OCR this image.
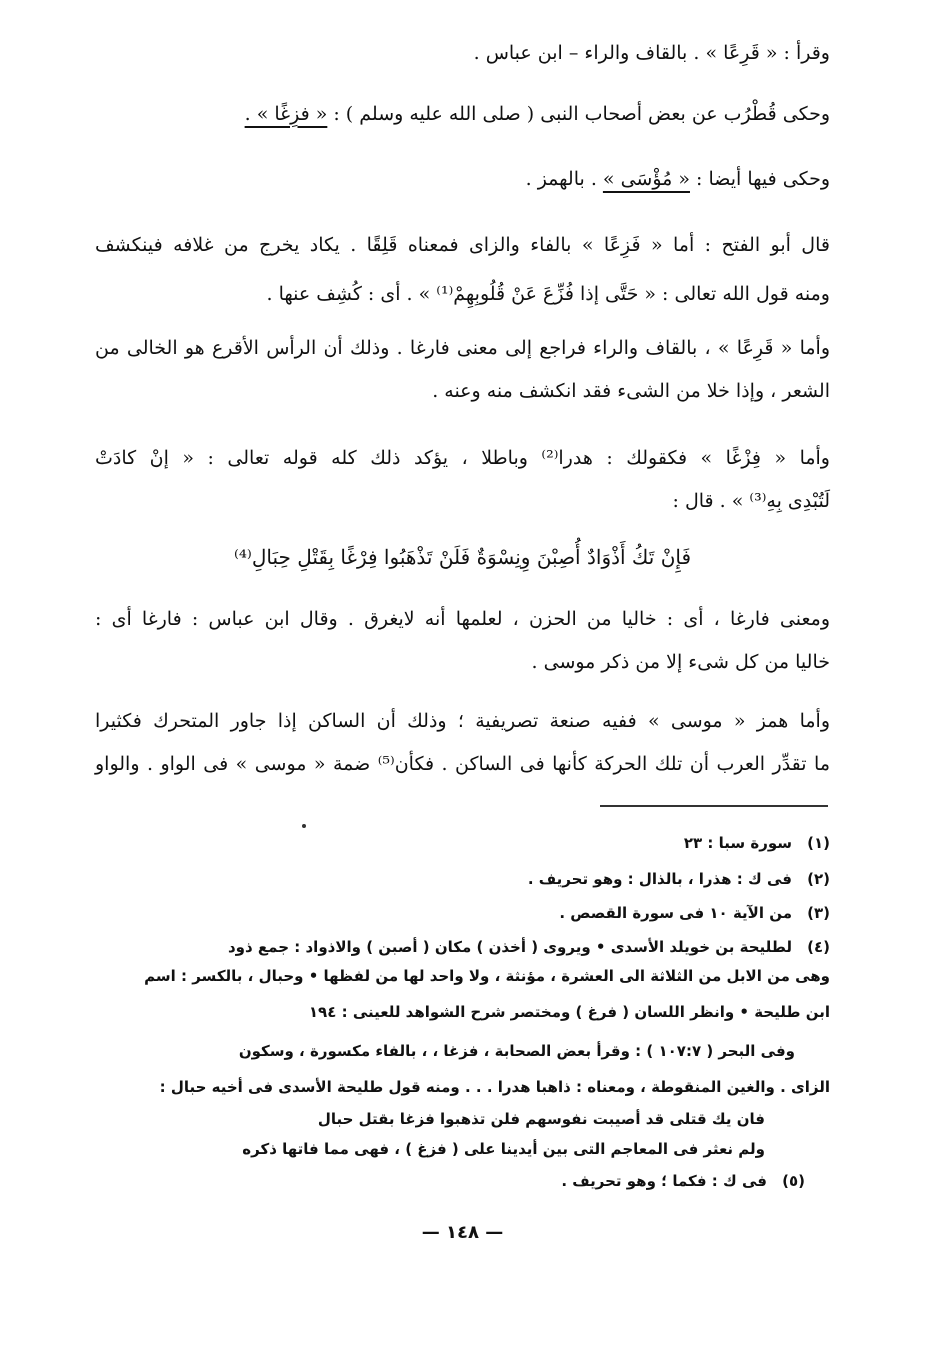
وقرأ : « قَرِعًا » . بالقاف والراء – ابن عباس .
وحكى قُطْرُب عن بعض أصحاب النبى ( صلى الله عليه وسلم ) : « فزِغًا » .
وحكى فيها أيضا : « مُؤْسَى » . بالهمز .
قال أبو الفتح : أما « فَزِعًا » بالفاء والزاى فمعناه قَلِقًا . يكاد يخرج من غلافه فينكشف
ومنه قول الله تعالى : « حَتَّى إذا فُزِّعَ عَنْ قُلُوبِهِمْ⁽¹⁾ » . أى : كُشِف عنها .
وأما « قَرِعًا » ، بالقاف والراء فراجع إلى معنى فارغا . وذلك أن الرأس الأقرع هو الخالى من
الشعر ، وإذا خلا من الشىء فقد انكشف منه وعنه .
وأما « فِزْغًا » فكقولك : هدرا⁽²⁾ وباطلا ، يؤكد ذلك كله قوله تعالى : « إنْ كادَتْ
لَتُبْدِى بِهِ⁽³⁾ » . قال :
فَإِنْ تَكُ أَذْوَادٌ أُصِبْنَ وِنِسْوَةٌ فَلَنْ تَذْهَبُوا فِرْغًا بِقَتْلِ حِبَالِ⁽⁴⁾
ومعنى فارغا ، أى : خاليا من الحزن ، لعلمها أنه لايغرق . وقال ابن عباس : فارغا أى :
خاليا من كل شىء إلا من ذكر موسى .
وأما همز « موسى » ففيه صنعة تصريفية ؛ وذلك أن الساكن إذا جاور المتحرك فكثيرا
ما تقدِّر العرب أن تلك الحركة كأنها فى الساكن . فكأن⁽⁵⁾ ضمة « موسى » فى الواو . والواو
(١)سورة سبا : ٢٣
(٢)فى ك : هذرا ، بالذال : وهو تحريف .
(٣)من الآية ١٠ فى سورة القصص .
(٤)لطليحة بن خويلد الأسدى • ويروى ( أخذن ) مكان ( أصبن ) والاذواد : جمع ذود
وهى من الابل من الثلاثة الى العشرة ، مؤنثة ، ولا واحد لها من لفظها • وحبال ، بالكسر : اسم
ابن طليحة • وانظر اللسان ( فرغ ) ومختصر شرح الشواهد للعينى : ١٩٤
وفى البحر ( ١٠٧:٧ ) : وقرأ بعض الصحابة ، فزغا ، ، بالفاء مكسورة ، وسكون
الزاى . والغين المنقوطة ، ومعناه : ذاهبا هدرا . . . ومنه قول طليحة الأسدى فى أخيه حبال :
فان يك قتلى قد أصيبت نفوسهم فلن تذهبوا فزغا بقتل حبال
ولم نعثر فى المعاجم التى بين أيدينا على ( فزغ ) ، فهى مما فاتها ذكره
(٥)فى ك : فكما ؛ وهو تحريف .
— ١٤٨ —
